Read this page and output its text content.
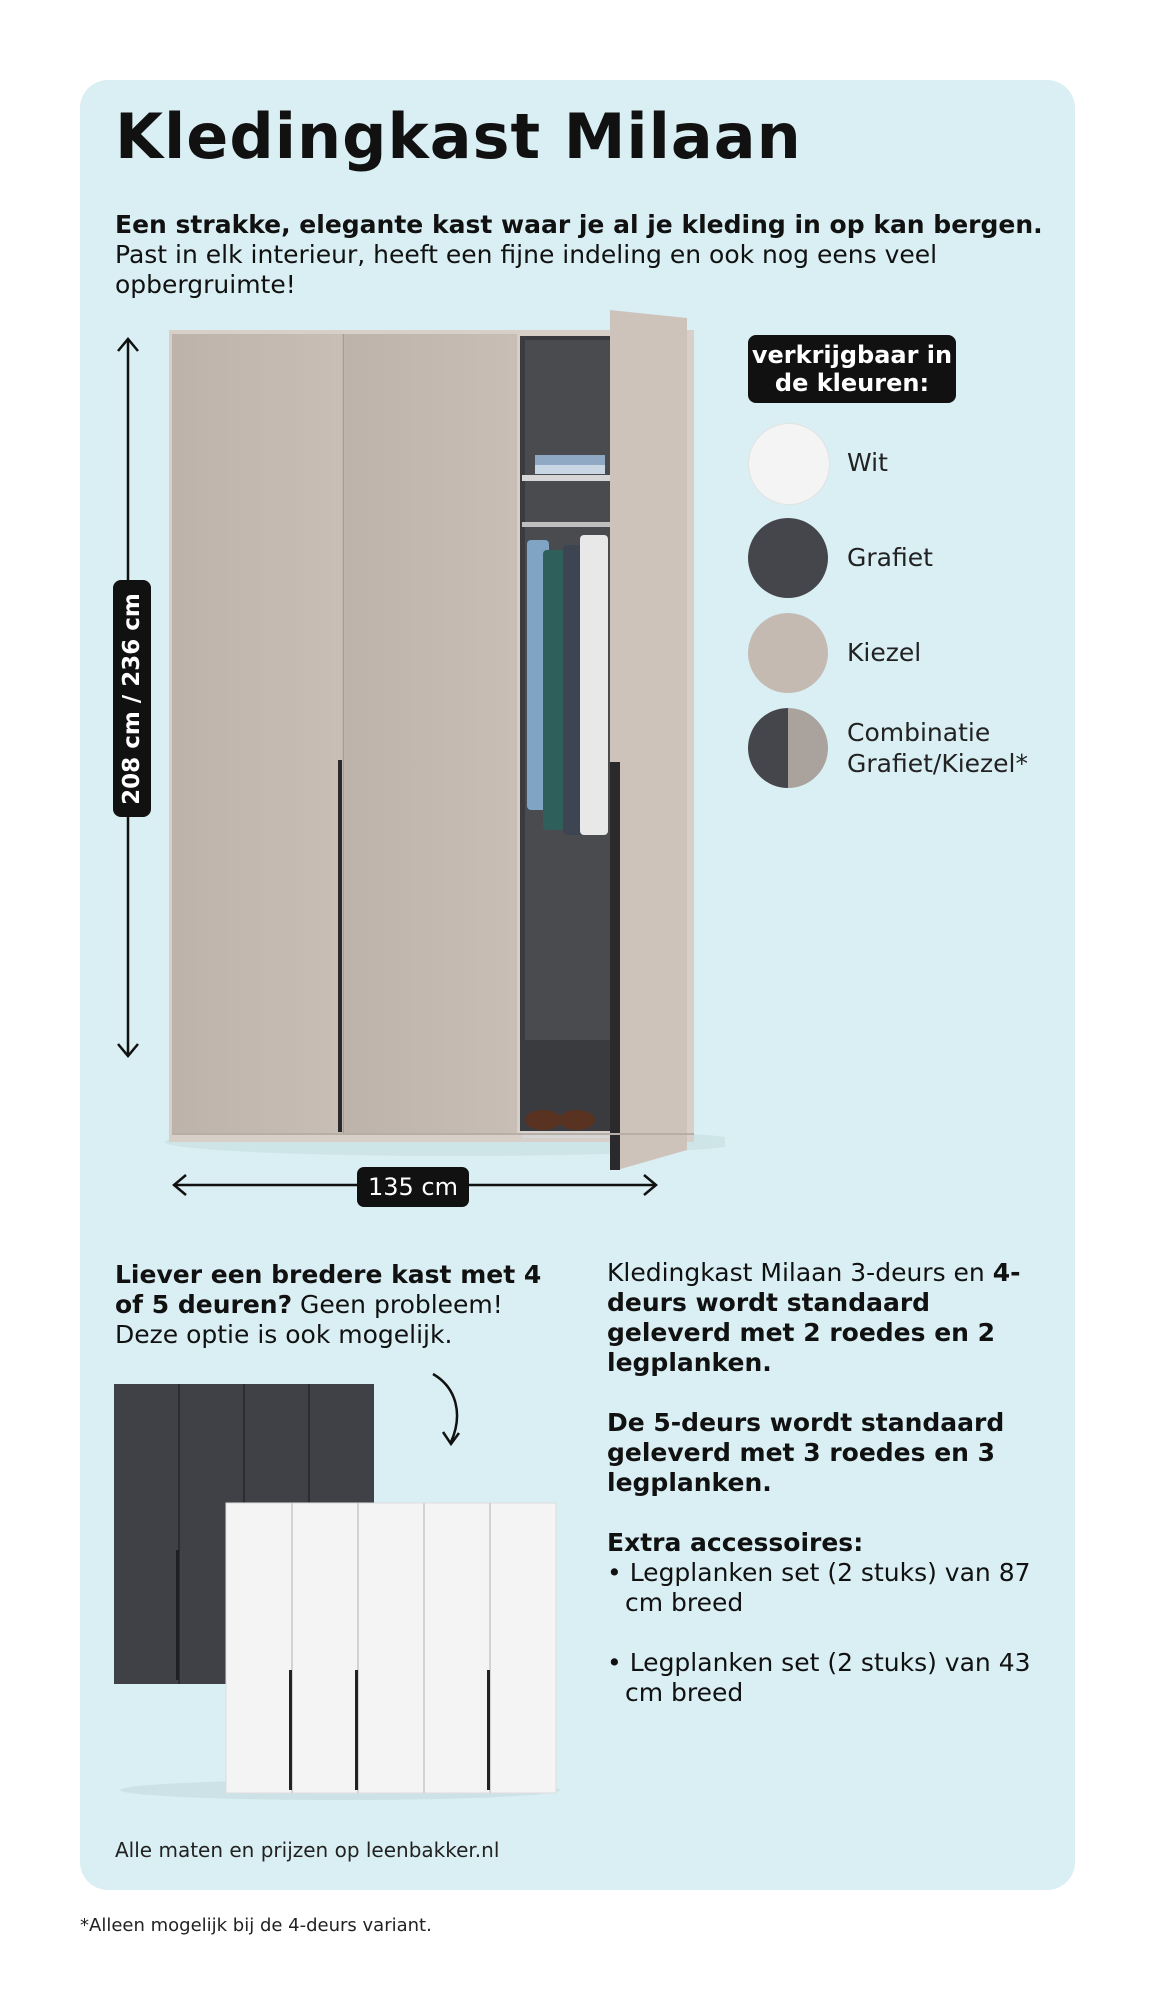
Kledingkast Milaan
Een strakke, elegante kast waar je al je kleding in op kan bergen. Past in elk interieur, heeft een fijne indeling en ook nog eens veel opbergruimte!
208 cm / 236 cm
135 cm
verkrijgbaar in de kleuren:
Wit
Grafiet
Kiezel
Combinatie Grafiet/Kiezel*
Liever een bredere kast met 4 of 5 deuren? Geen probleem! Deze optie is ook mogelijk.

Kledingkast Milaan 3-deurs en 4-deurs wordt standaard geleverd met 2 roedes en 2 legplanken.

De 5-deurs wordt standaard geleverd met 3 roedes en 3 legplanken.

Extra accessoires:

• Legplanken set (2 stuks) van 87 cm breed

• Legplanken set (2 stuks) van 43 cm breed

Alle maten en prijzen op leenbakker.nl
*Alleen mogelijk bij de 4-deurs variant.
